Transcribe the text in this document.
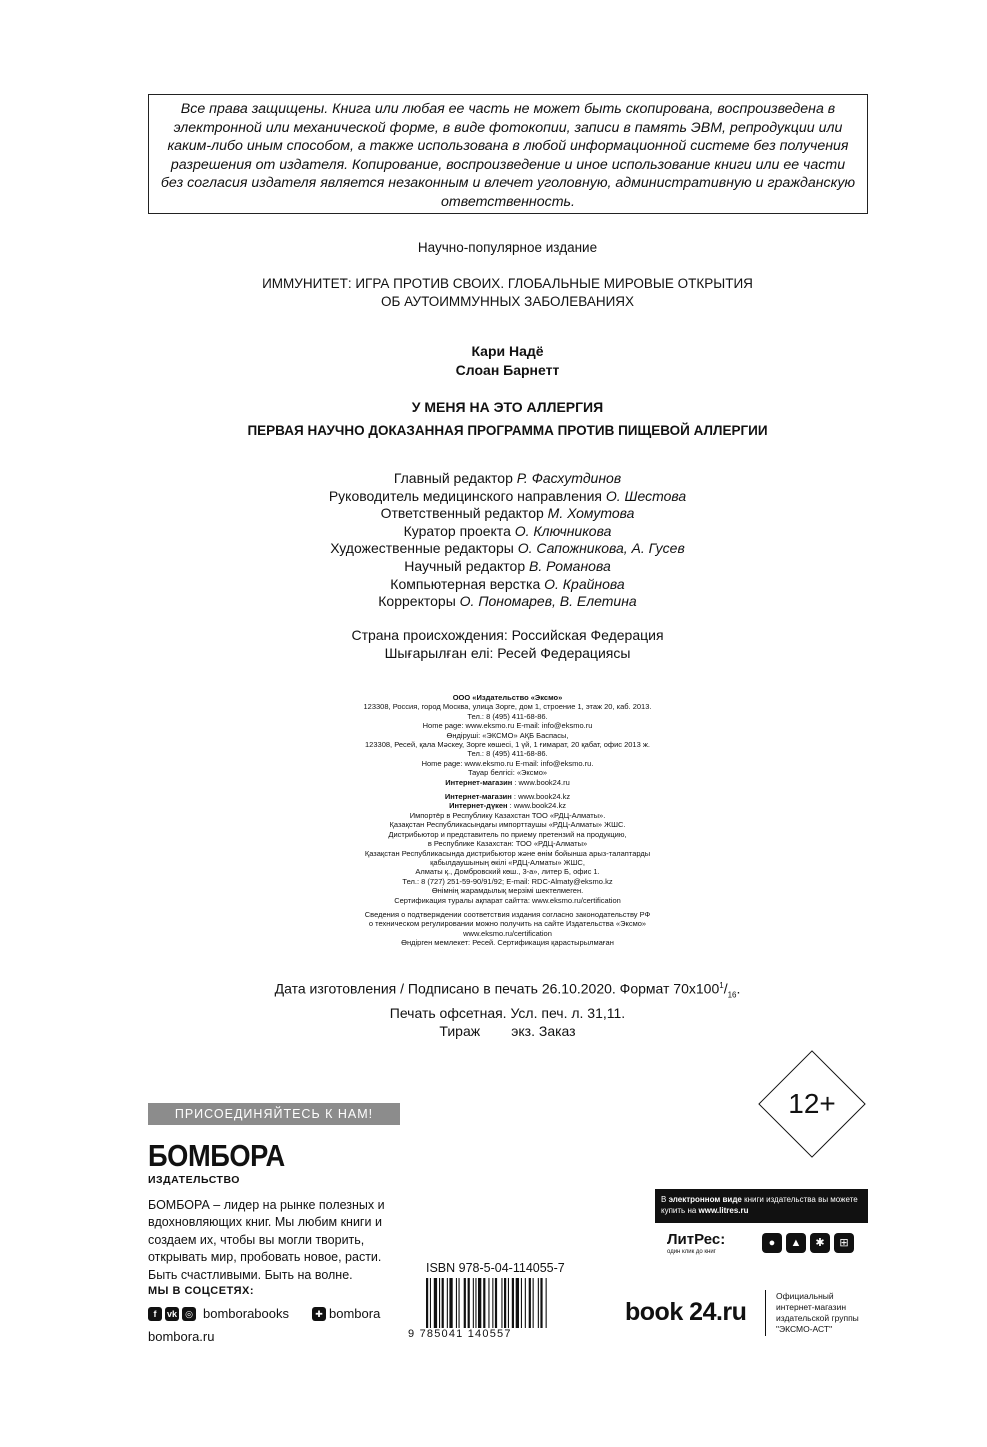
Все права защищены. Книга или любая ее часть не может быть скопирована, воспроизведена в электронной или механической форме, в виде фотокопии, записи в память ЭВМ, репродукции или каким-либо иным способом, а также использована в любой информационной системе без получения разрешения от издателя. Копирование, воспроизведение и иное использование книги или ее части без согласия издателя является незаконным и влечет уголовную, административную и гражданскую ответственность.
Научно-популярное издание
ИММУНИТЕТ: ИГРА ПРОТИВ СВОИХ. ГЛОБАЛЬНЫЕ МИРОВЫЕ ОТКРЫТИЯ
ОБ АУТОИММУННЫХ ЗАБОЛЕВАНИЯХ
Кари Надё
Слоан Барнетт
У МЕНЯ НА ЭТО АЛЛЕРГИЯ
ПЕРВАЯ НАУЧНО ДОКАЗАННАЯ ПРОГРАММА ПРОТИВ ПИЩЕВОЙ АЛЛЕРГИИ
Главный редактор Р. Фасхутдинов
Руководитель медицинского направления О. Шестова
Ответственный редактор М. Хомутова
Куратор проекта О. Ключникова
Художественные редакторы О. Сапожникова, А. Гусев
Научный редактор В. Романова
Компьютерная верстка О. Крайнова
Корректоры О. Пономарев, В. Елетина
Страна происхождения: Российская Федерация
Шығарылған елі: Ресей Федерациясы
ООО «Издательство «Эксмо»
123308, Россия, город Москва, улица Зорге, дом 1, строение 1, этаж 20, каб. 2013.
Тел.: 8 (495) 411-68-86.
Home page: www.eksmo.ru E-mail: info@eksmo.ru
Өндіруші: «ЭКСМО» АҚБ Баспасы,
123308, Ресей, қала Мәскеу, Зорге көшесі, 1 үй, 1 ғимарат, 20 қабат, офис 2013 ж.
Тел.: 8 (495) 411-68-86.
Home page: www.eksmo.ru E-mail: info@eksmo.ru.
Тауар белгісі: «Эксмо»
Интернет-магазин : www.book24.ru
Интернет-магазин : www.book24.kz
Интернет-дүкен : www.book24.kz
Импортёр в Республику Казахстан ТОО «РДЦ-Алматы».
Қазақстан Республикасындағы импорттаушы «РДЦ-Алматы» ЖШС.
Дистрибьютор и представитель по приему претензий на продукцию,
в Республике Казахстан: ТОО «РДЦ-Алматы»
Қазақстан Республикасында дистрибьютор және өнім бойынша арыз-талаптарды
қабылдаушының өкілі «РДЦ-Алматы» ЖШС,
Алматы қ., Домбровский көш., 3-а», литер Б, офис 1.
Тел.: 8 (727) 251-59-90/91/92; E-mail: RDC-Almaty@eksmo.kz
Өнімнің жарамдылық мерзімі шектелмеген.
Сертификация туралы ақпарат сайтта: www.eksmo.ru/certification
Сведения о подтверждении соответствия издания согласно законодательству РФ
о техническом регулировании можно получить на сайте Издательства «Эксмо»
www.eksmo.ru/certification
Өндірген мемлекет: Ресей. Сертификация қарастырылмаған
Дата изготовления / Подписано в печать 26.10.2020. Формат $70x100^1/_{16}$.
Печать офсетная. Усл. печ. л. 31,11.
Тираж экз. Заказ
12+
ПРИСОЕДИНЯЙТЕСЬ К НАМ!
БОМБОРА
ИЗДАТЕЛЬСТВО
БОМБОРА – лидер на рынке полезных и вдохновляющих книг. Мы любим книги и создаем их, чтобы вы могли творить, открывать мир, пробовать новое, расти. Быть счастливыми. Быть на волне.
МЫ В СОЦСЕТЯХ:
f	vk ◎ bomborabooks	✚ bombora
bombora.ru
ISBN 978-5-04-114055-7
9 785041 140557
В электронном виде книги издательства вы можете
купить на www.litres.ru
ЛитРес:
один клик до книг
●	▲	✱	⊞
book 24.ru
Официальный
интернет-магазин
издательской группы
"ЭКСМО-АСТ"
